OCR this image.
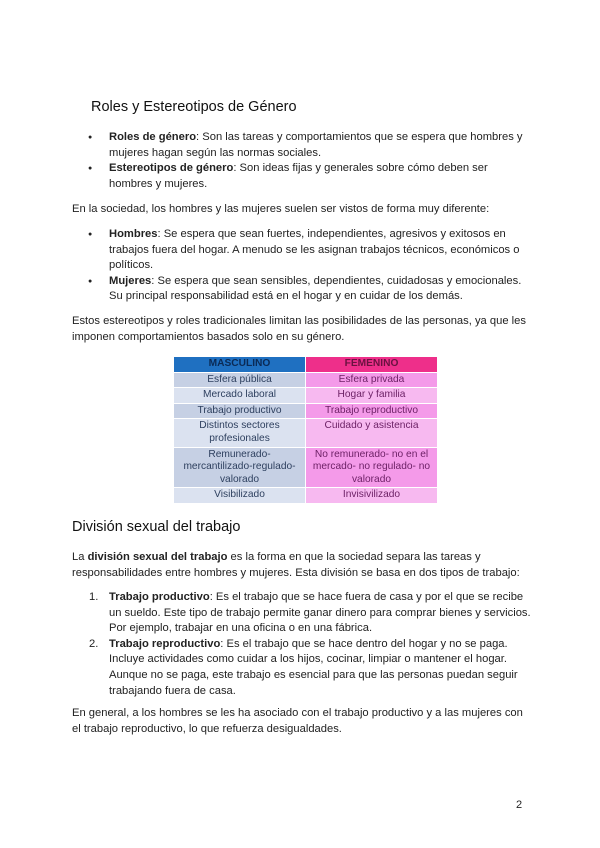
Roles y Estereotipos de Género
● Roles de género: Son las tareas y comportamientos que se espera que hombres y mujeres hagan según las normas sociales.
● Estereotipos de género: Son ideas fijas y generales sobre cómo deben ser hombres y mujeres.

En la sociedad, los hombres y las mujeres suelen ser vistos de forma muy diferente:

● Hombres: Se espera que sean fuertes, independientes, agresivos y exitosos en trabajos fuera del hogar. A menudo se les asignan trabajos técnicos, económicos o políticos.
● Mujeres: Se espera que sean sensibles, dependientes, cuidadosas y emocionales. Su principal responsabilidad está en el hogar y en cuidar de los demás.

Estos estereotipos y roles tradicionales limitan las posibilidades de las personas, ya que les imponen comportamientos basados solo en su género.

MASCULINO	FEMENINO
Esfera pública	Esfera privada
Mercado laboral	Hogar y familia
Trabajo productivo	Trabajo reproductivo
Distintos sectores profesionales	Cuidado y asistencia
Remunerado- mercantilizado-regulado- valorado	No remunerado- no en el mercado- no regulado- no valorado
Visibilizado	Invisivilizado
División sexual del trabajo

La división sexual del trabajo es la forma en que la sociedad separa las tareas y responsabilidades entre hombres y mujeres. Esta división se basa en dos tipos de trabajo:

1. Trabajo productivo: Es el trabajo que se hace fuera de casa y por el que se recibe un sueldo. Este tipo de trabajo permite ganar dinero para comprar bienes y servicios. Por ejemplo, trabajar en una oficina o en una fábrica.
2. Trabajo reproductivo: Es el trabajo que se hace dentro del hogar y no se paga. Incluye actividades como cuidar a los hijos, cocinar, limpiar o mantener el hogar. Aunque no se paga, este trabajo es esencial para que las personas puedan seguir trabajando fuera de casa.

En general, a los hombres se les ha asociado con el trabajo productivo y a las mujeres con el trabajo reproductivo, lo que refuerza desigualdades.

2
